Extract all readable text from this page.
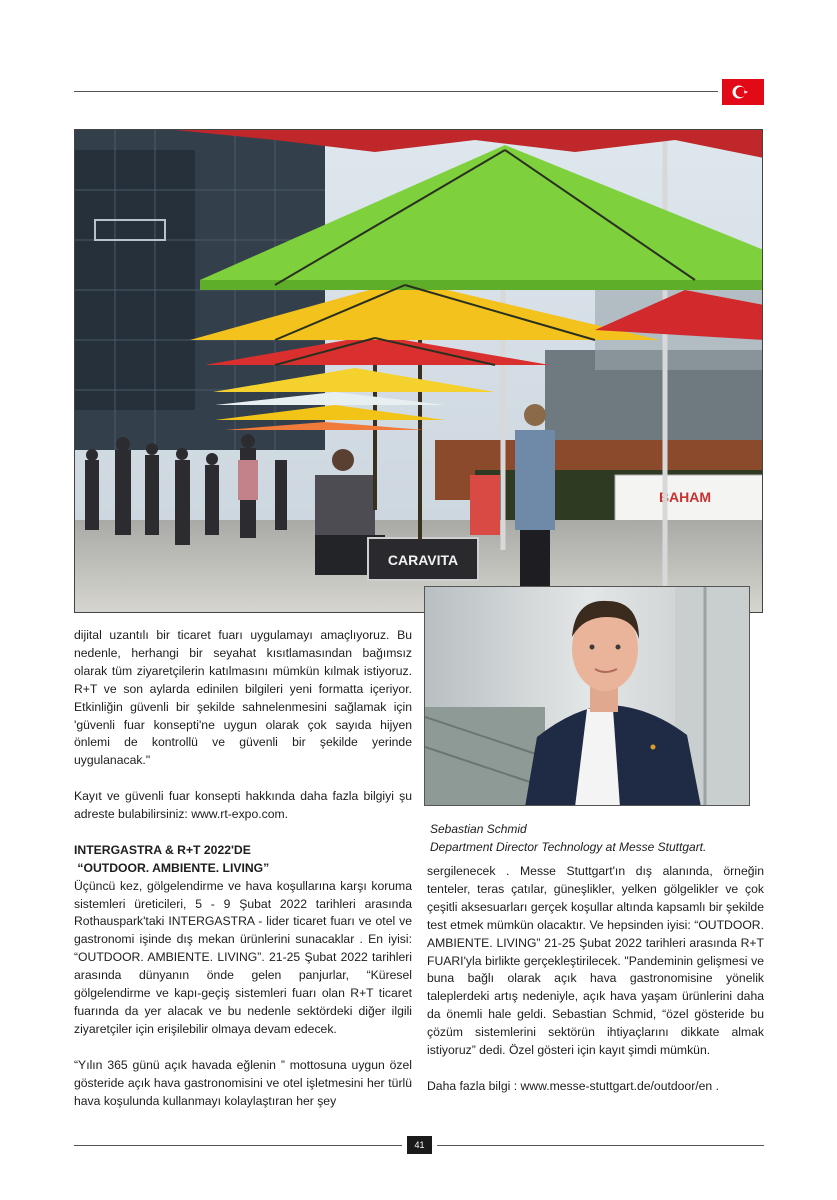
BAHAM
CARAVITA
Sebastian Schmid
Department Director Technology at Messe Stuttgart.

dijital uzantılı bir ticaret fuarı uygulamayı amaçlıyoruz. Bu nedenle, herhangi bir seyahat kısıtlamasından bağımsız olarak tüm ziyaretçilerin katılmasını mümkün kılmak istiyoruz. R+T ve son aylarda edinilen bilgileri yeni formatta içeriyor. Etkinliğin güvenli bir şekilde sahnelenmesini sağlamak için 'güvenli fuar konsepti'ne uygun olarak çok sayıda hijyen önlemi de kontrollü ve güvenli bir şekilde yerinde uygulanacak."

Kayıt ve güvenli fuar konsepti hakkında daha fazla bilgiyi şu adreste bulabilirsiniz: www.rt-expo.com.

INTERGASTRA & R+T 2022'DE
“OUTDOOR. AMBIENTE. LIVING”

Üçüncü kez, gölgelendirme ve hava koşullarına karşı koruma sistemleri üreticileri, 5 - 9 Şubat 2022 tarihleri arasında Rothauspark'taki INTERGASTRA - lider ticaret fuarı ve otel ve gastronomi işinde dış mekan ürünlerini sunacaklar . En iyisi: “OUTDOOR. AMBIENTE. LIVING”. 21-25 Şubat 2022 tarihleri arasında dünyanın önde gelen panjurlar, “Küresel gölgelendirme ve kapı-geçiş sistemleri fuarı olan R+T ticaret fuarında da yer alacak ve bu nedenle sektördeki diğer ilgili ziyaretçiler için erişilebilir olmaya devam edecek.

“Yılın 365 günü açık havada eğlenin ” mottosuna uygun özel gösteride açık hava gastronomisini ve otel işletmesini her türlü hava koşulunda kullanmayı kolaylaştıran her şey

sergilenecek . Messe Stuttgart'ın dış alanında, örneğin tenteler, teras çatılar, güneşlikler, yelken gölgelikler ve çok çeşitli aksesuarları gerçek koşullar altında kapsamlı bir şekilde test etmek mümkün olacaktır. Ve hepsinden iyisi: “OUTDOOR. AMBIENTE. LIVING” 21-25 Şubat 2022 tarihleri arasında R+T FUARI'yla birlikte gerçekleştirilecek. "Pandeminin gelişmesi ve buna bağlı olarak açık hava gastronomisine yönelik taleplerdeki artış nedeniyle, açık hava yaşam ürünlerini daha da önemli hale geldi. Sebastian Schmid, “özel gösteride bu çözüm sistemlerini sektörün ihtiyaçlarını dikkate almak istiyoruz” dedi. Özel gösteri için kayıt şimdi mümkün.

Daha fazla bilgi : www.messe-stuttgart.de/outdoor/en .

41
